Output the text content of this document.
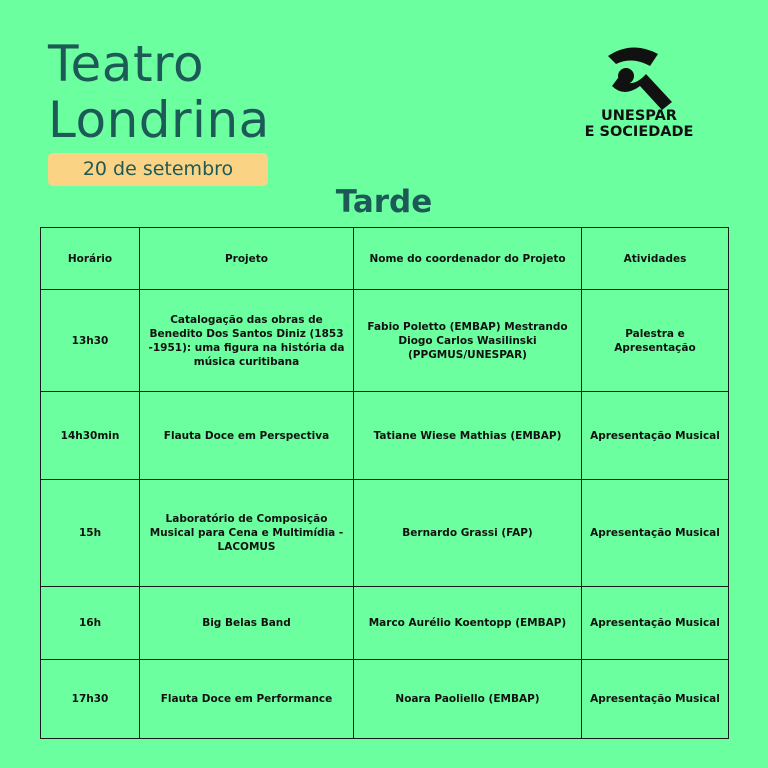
Teatro
Londrina
20 de setembro
UNESPAR
E SOCIEDADE
Tarde
Horário	Projeto	Nome do coordenador do Projeto	Atividades
13h30	Catalogação das obras de Benedito Dos Santos Diniz (1853 -1951): uma figura na história da música curitibana	Fabio Poletto (EMBAP) Mestrando Diogo Carlos Wasilinski (PPGMUS/UNESPAR)	Palestra e Apresentação
14h30min	Flauta Doce em Perspectiva	Tatiane Wiese Mathias (EMBAP)	Apresentação Musical
15h	Laboratório de Composição Musical para Cena e Multimídia - LACOMUS	Bernardo Grassi (FAP)	Apresentação Musical
16h	Big Belas Band	Marco Aurélio Koentopp (EMBAP)	Apresentação Musical
17h30	Flauta Doce em Performance	Noara Paoliello (EMBAP)	Apresentação Musical
